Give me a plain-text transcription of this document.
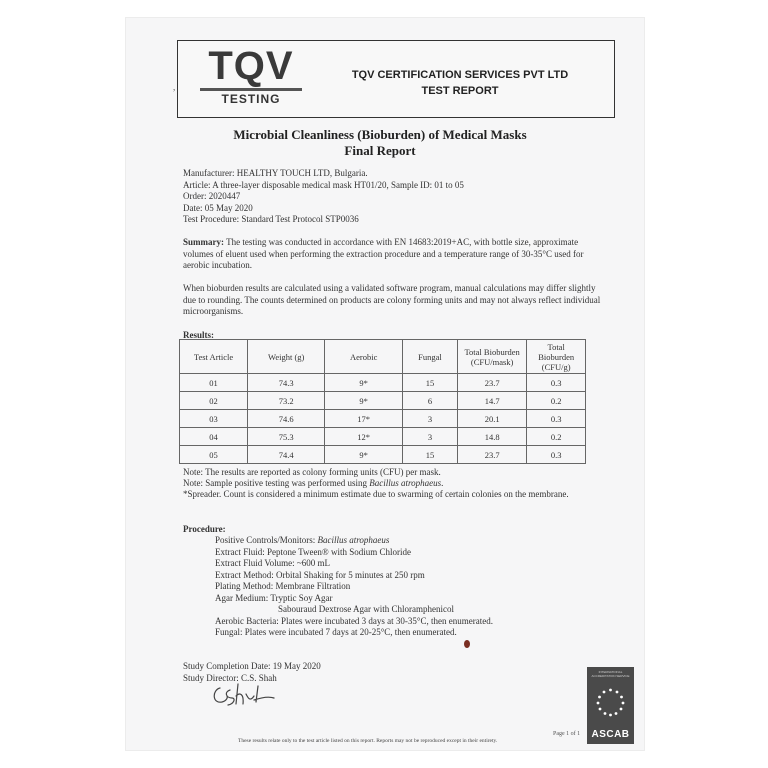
TQV
TESTING
TQV CERTIFICATION SERVICES PVT LTD
TEST REPORT
,
Microbial Cleanliness (Bioburden) of Medical Masks
Final Report
Manufacturer: HEALTHY TOUCH LTD, Bulgaria.
Article: A three-layer disposable medical mask HT01/20, Sample ID: 01 to 05
Order: 2020447
Date: 05 May 2020
Test Procedure: Standard Test Protocol STP0036
Summary: The testing was conducted in accordance with EN 14683:2019+AC, with bottle size, approximate volumes of eluent used when performing the extraction procedure and a temperature range of 30-35°C used for aerobic incubation.
When bioburden results are calculated using a validated software program, manual calculations may differ slightly due to rounding. The counts determined on products are colony forming units and may not always reflect individual microorganisms.
Results:
Test Article	Weight (g)	Aerobic	Fungal	Total Bioburden (CFU/mask)	Total Bioburden (CFU/g)
01	74.3	9*	15	23.7	0.3
02	73.2	9*	6	14.7	0.2
03	74.6	17*	3	20.1	0.3
04	75.3	12*	3	14.8	0.2
05	74.4	9*	15	23.7	0.3
Note: The results are reported as colony forming units (CFU) per mask.
Note: Sample positive testing was performed using Bacillus atrophaeus.
*Spreader. Count is considered a minimum estimate due to swarming of certain colonies on the membrane.
Procedure:
Positive Controls/Monitors: Bacillus atrophaeus
Extract Fluid: Peptone Tween® with Sodium Chloride
Extract Fluid Volume: ~600 mL
Extract Method: Orbital Shaking for 5 minutes at 250 rpm
Plating Method: Membrane Filtration
Agar Medium: Tryptic Soy Agar
Sabouraud Dextrose Agar with Chloramphenicol
Aerobic Bacteria: Plates were incubated 3 days at 30-35°C, then enumerated.
Fungal: Plates were incubated 7 days at 20-25°C, then enumerated.
Study Completion Date: 19 May 2020
Study Director: C.S. Shah
INTERNATIONAL ACCREDITATION SERVICE
ASCAB
Page 1 of 1
These results relate only to the test article listed on this report. Reports may not be reproduced except in their entirety.
